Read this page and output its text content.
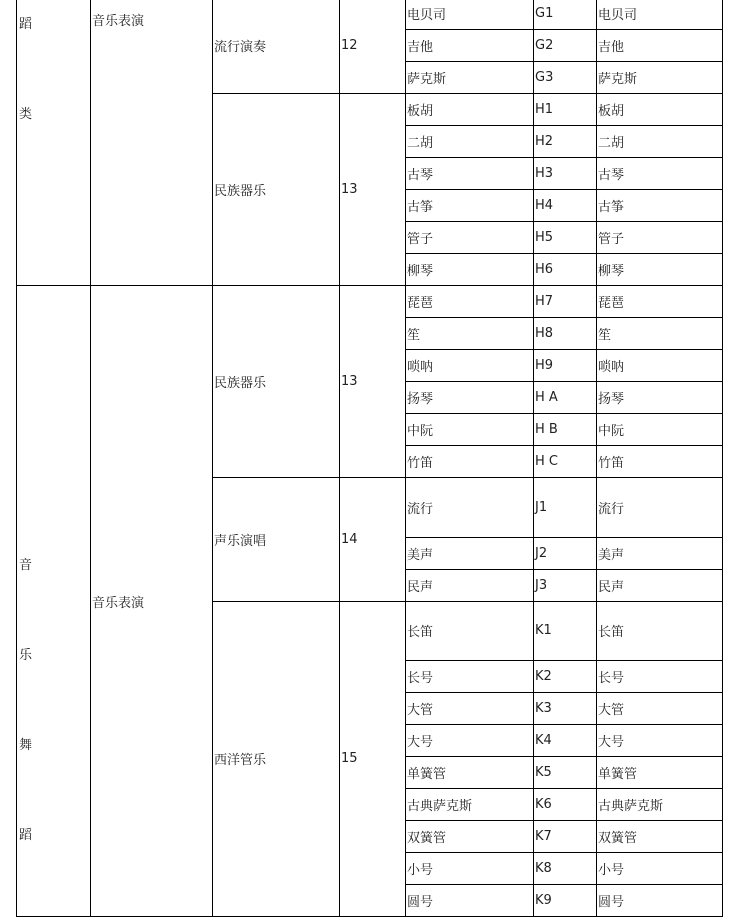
蹈
类	音乐表演	流行演奏	12	电贝司	G1	电贝司
				吉他	G2	吉他
				萨克斯	G3	萨克斯
		民族器乐	13	板胡	H1	板胡
				二胡	H2	二胡
				古琴	H3	古琴
				古筝	H4	古筝
				管子	H5	管子
				柳琴	H6	柳琴

音
乐
舞
蹈	音乐表演	民族器乐	13	琵琶	H7	琵琶
				笙	H8	笙
				唢呐	H9	唢呐
				扬琴	H A	扬琴
				中阮	H B	中阮
				竹笛	H C	竹笛
		声乐演唱	14	流行	J1	流行
				美声	J2	美声
				民声	J3	民声
		西洋管乐	15	长笛	K1	长笛
				长号	K2	长号
				大管	K3	大管
				大号	K4	大号
				单簧管	K5	单簧管
				古典萨克斯	K6	古典萨克斯
				双簧管	K7	双簧管
				小号	K8	小号
				圆号	K9	圆号
